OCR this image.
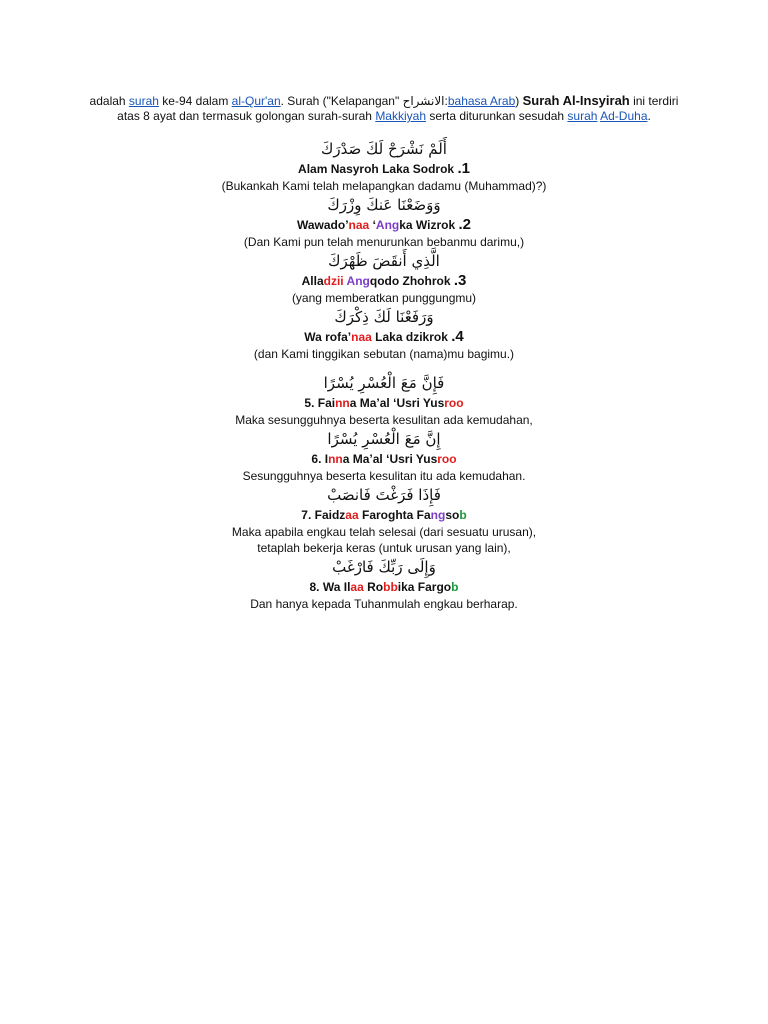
adalah surah ke-94 dalam al-Qur'an. Surah ("Kelapangan" الانشراح:bahasa Arab) Surah Al-Insyirah ini terdiri atas 8 ayat dan termasuk golongan surah-surah Makkiyah serta diturunkan sesudah surah Ad-Duha.
أَلَمْ نَشْرَحْ لَكَ صَدْرَكَ
Alam Nasyroh Laka Sodrok .1
(Bukankah Kami telah melapangkan dadamu (Muhammad)?)
وَوَضَعْنَا عَنكَ وِزْرَكَ
Wawado’naa ‘Angka Wizrok .2
(Dan Kami pun telah menurunkan bebanmu darimu,)
الَّذِي أَنقَضَ ظَهْرَكَ
Alladzii Angqodo Zhohrok .3
(yang memberatkan punggungmu)
وَرَفَعْنَا لَكَ ذِكْرَكَ
Wa rofa’naa Laka dzikrok .4
(dan Kami tinggikan sebutan (nama)mu bagimu.)
فَإِنَّ مَعَ الْعُسْرِ يُسْرًا
5. Fainna Ma’al ‘Usri Yusroo
Maka sesungguhnya beserta kesulitan ada kemudahan,
إِنَّ مَعَ الْعُسْرِ يُسْرًا
6. Inna Ma’al ‘Usri Yusroo
Sesungguhnya beserta kesulitan itu ada kemudahan.
فَإِذَا فَرَغْتَ فَانصَبْ
7. Faidzaa Faroghta Fangsob
Maka apabila engkau telah selesai (dari sesuatu urusan),
tetaplah bekerja keras (untuk urusan yang lain),
وَإِلَى رَبِّكَ فَارْغَبْ
8. Wa Ilaa Robbika Fargob
Dan hanya kepada Tuhanmulah engkau berharap.
